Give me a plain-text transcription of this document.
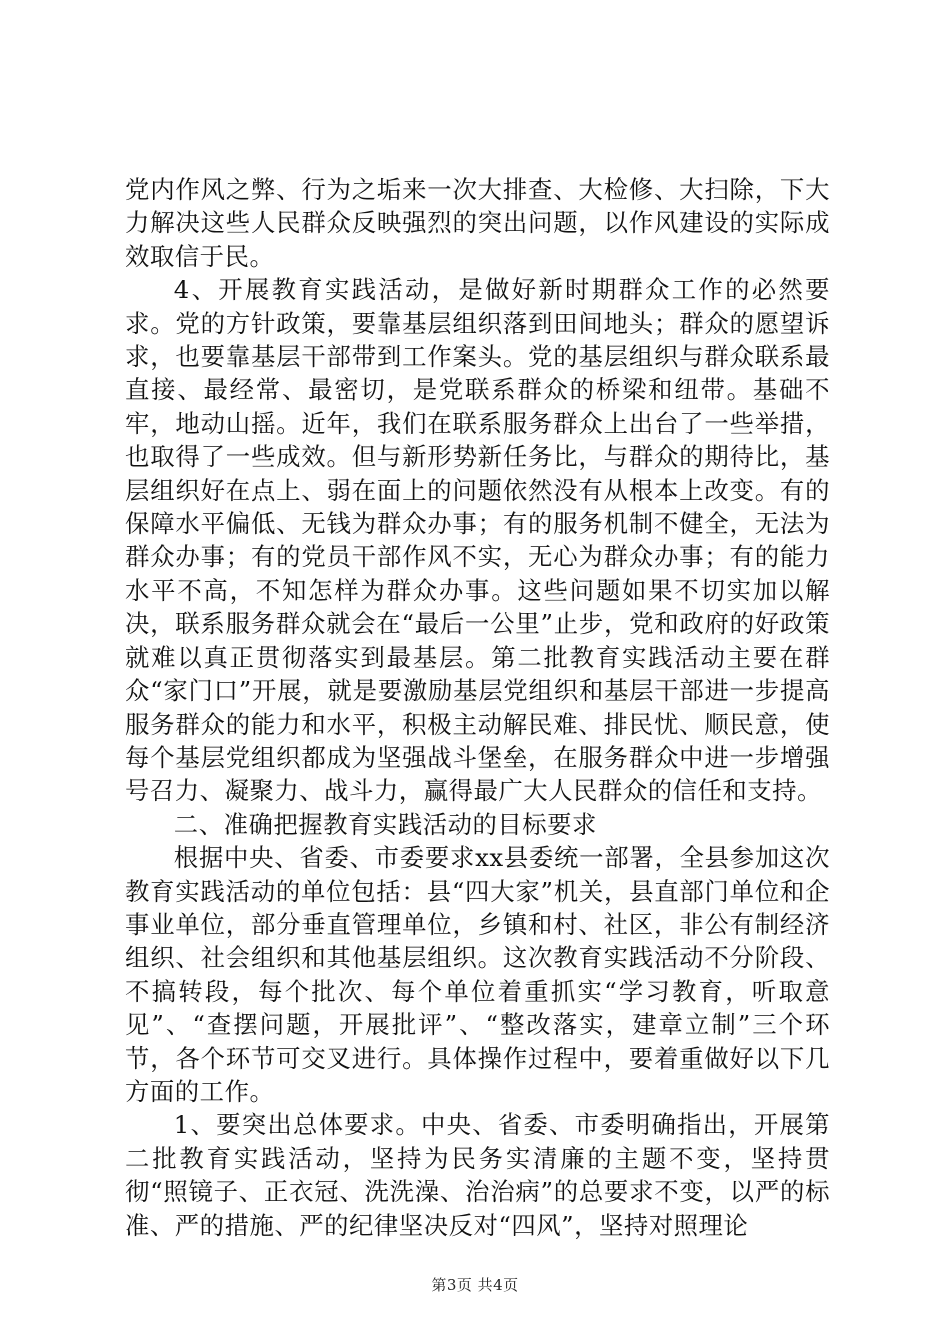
党内作风之弊、行为之垢来一次大排查、大检修、大扫除，下大力解决这些人民群众反映强烈的突出问题，以作风建设的实际成效取信于民。

4、开展教育实践活动，是做好新时期群众工作的必然要求。党的方针政策，要靠基层组织落到田间地头；群众的愿望诉求，也要靠基层干部带到工作案头。党的基层组织与群众联系最直接、最经常、最密切，是党联系群众的桥梁和纽带。基础不牢，地动山摇。近年，我们在联系服务群众上出台了一些举措，也取得了一些成效。但与新形势新任务比，与群众的期待比，基层组织好在点上、弱在面上的问题依然没有从根本上改变。有的保障水平偏低、无钱为群众办事；有的服务机制不健全，无法为群众办事；有的党员干部作风不实，无心为群众办事；有的能力水平不高，不知怎样为群众办事。这些问题如果不切实加以解决，联系服务群众就会在“最后一公里”止步，党和政府的好政策就难以真正贯彻落实到最基层。第二批教育实践活动主要在群众“家门口”开展，就是要激励基层党组织和基层干部进一步提高服务群众的能力和水平，积极主动解民难、排民忧、顺民意，使每个基层党组织都成为坚强战斗堡垒，在服务群众中进一步增强号召力、凝聚力、战斗力，赢得最广大人民群众的信任和支持。

二、准确把握教育实践活动的目标要求

根据中央、省委、市委要求xx县委统一部署，全县参加这次教育实践活动的单位包括：县“四大家”机关，县直部门单位和企事业单位，部分垂直管理单位，乡镇和村、社区，非公有制经济组织、社会组织和其他基层组织。这次教育实践活动不分阶段、不搞转段，每个批次、每个单位着重抓实“学习教育，听取意见”、“查摆问题，开展批评”、“整改落实，建章立制”三个环节，各个环节可交叉进行。具体操作过程中，要着重做好以下几方面的工作。

1、要突出总体要求。中央、省委、市委明确指出，开展第二批教育实践活动，坚持为民务实清廉的主题不变，坚持贯彻“照镜子、正衣冠、洗洗澡、治治病”的总要求不变，以严的标准、严的措施、严的纪律坚决反对“四风”，坚持对照理论

第3页 共4页
